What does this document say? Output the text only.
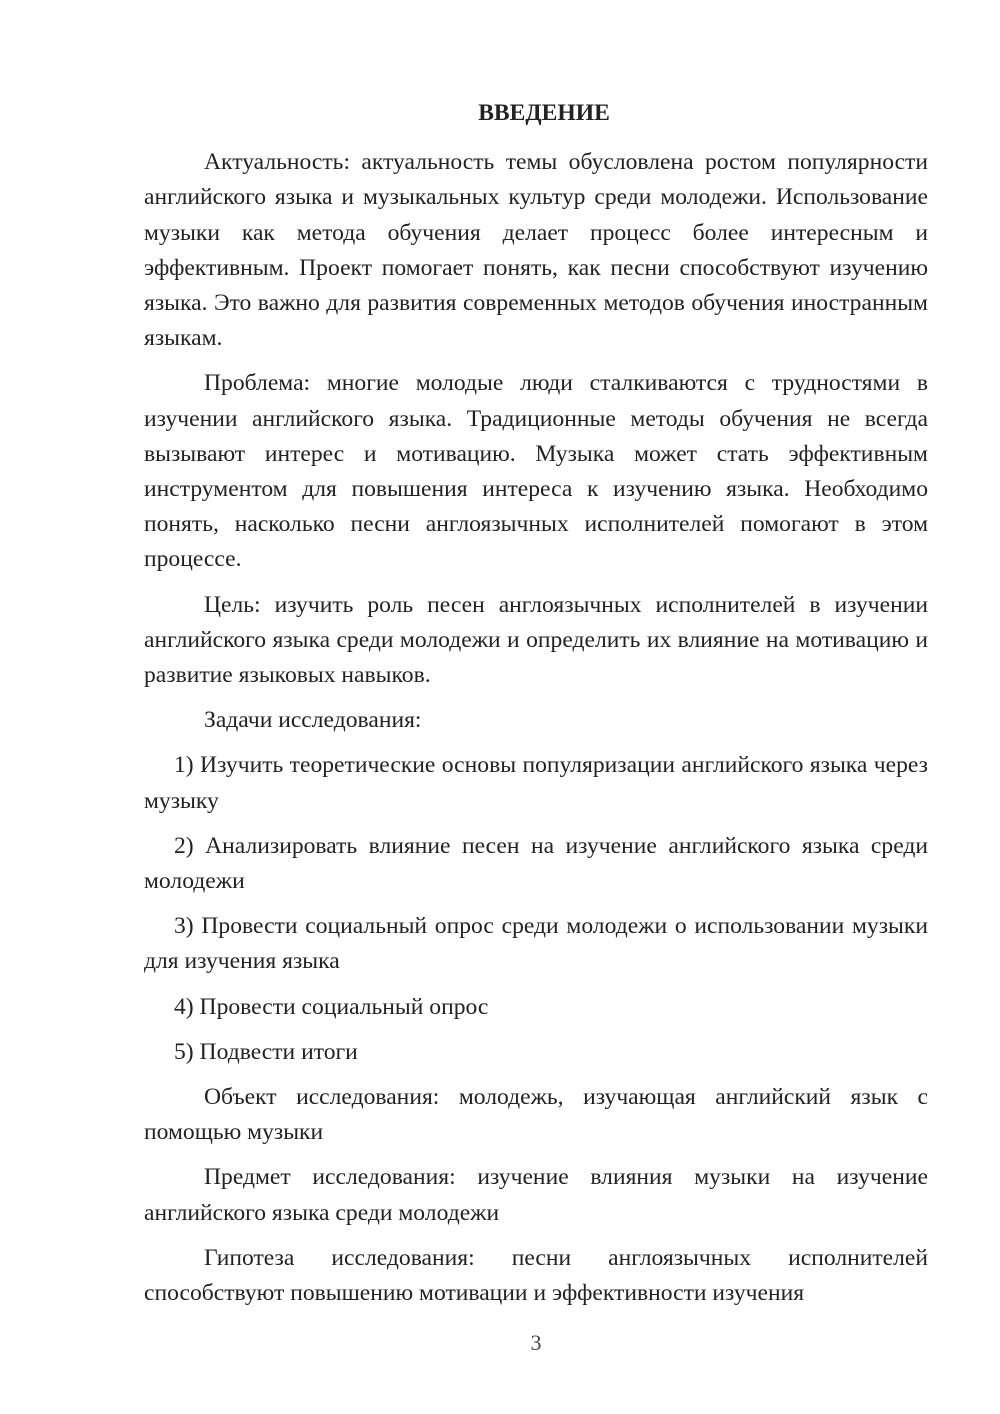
ВВЕДЕНИЕ

Актуальность: актуальность темы обусловлена ростом популярности английского языка и музыкальных культур среди молодежи. Использование музыки как метода обучения делает процесс более интересным и эффективным. Проект помогает понять, как песни способствуют изучению языка. Это важно для развития современных методов обучения иностранным языкам.

Проблема: многие молодые люди сталкиваются с трудностями в изучении английского языка. Традиционные методы обучения не всегда вызывают интерес и мотивацию. Музыка может стать эффективным инструментом для повышения интереса к изучению языка. Необходимо понять, насколько песни англоязычных исполнителей помогают в этом процессе.

Цель: изучить роль песен англоязычных исполнителей в изучении английского языка среди молодежи и определить их влияние на мотивацию и развитие языковых навыков.

Задачи исследования:

1) Изучить теоретические основы популяризации английского языка через музыку

2) Анализировать влияние песен на изучение английского языка среди молодежи

3) Провести социальный опрос среди молодежи о использовании музыки для изучения языка

4) Провести социальный опрос

5) Подвести итоги

Объект исследования: молодежь, изучающая английский язык с помощью музыки

Предмет исследования: изучение влияния музыки на изучение английского языка среди молодежи

Гипотеза исследования: песни англоязычных исполнителей способствуют повышению мотивации и эффективности изучения

3
